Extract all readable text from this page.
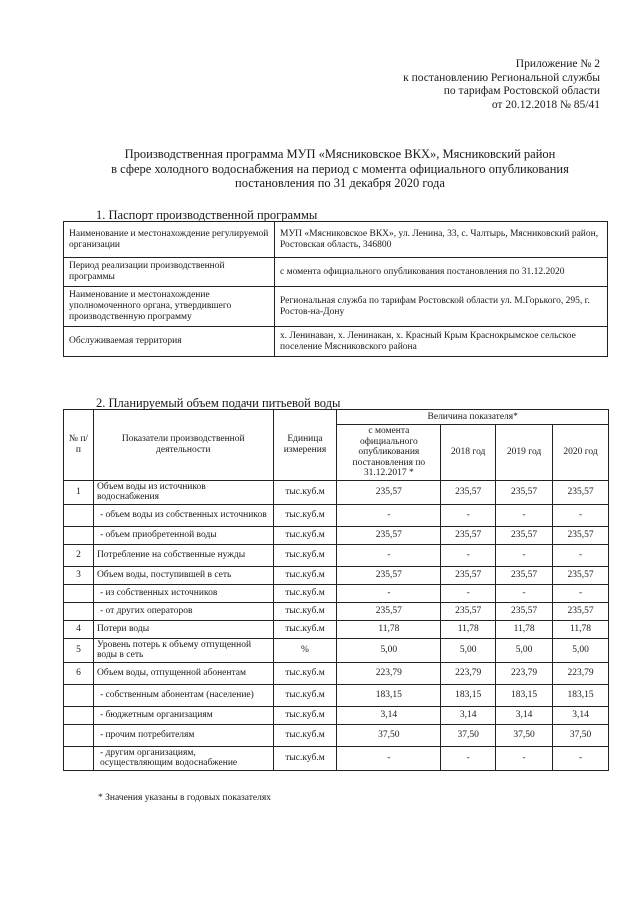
Приложение № 2
к постановлению Региональной службы
по тарифам Ростовской области
от 20.12.2018 № 85/41
Производственная программа МУП «Мясниковское ВКХ», Мясниковский район
в сфере холодного водоснабжения на период с момента официального опубликования
постановления по 31 декабря 2020 года
1. Паспорт производственной программы
Наименование и местонахождение регулируемой организации	МУП «Мясниковское ВКХ», ул. Ленина, 33, с. Чалтырь, Мясниковский район, Ростовская область, 346800
Период реализации производственной программы	с момента официального опубликования постановления по 31.12.2020
Наименование и местонахождение уполномоченного органа, утвердившего производственную программу	Региональная служба по тарифам Ростовской области ул. М.Горького, 295, г. Ростов-на-Дону
Обслуживаемая территория	х. Ленинаван, х. Ленинакан, х. Красный Крым Краснокрымское сельское поселение Мясниковского района
2. Планируемый объем подачи питьевой воды
№ п/п	Показатели производственной деятельности	Единица измерения	Величина показателя*			
			с момента официального опубликования постановления по 31.12.2017 *	2018 год	2019 год	2020 год
1	Объем воды из источников водоснабжения	тыс.куб.м	235,57	235,57	235,57	235,57
	- объем воды из собственных источников	тыс.куб.м	-	-	-	-
	- объем приобретенной воды	тыс.куб.м	235,57	235,57	235,57	235,57
2	Потребление на собственные нужды	тыс.куб.м	-	-	-	-
3	Объем воды, поступившей в сеть	тыс.куб.м	235,57	235,57	235,57	235,57
	- из собственных источников	тыс.куб.м	-	-	-	-
	- от других операторов	тыс.куб.м	235,57	235,57	235,57	235,57
4	Потери воды	тыс.куб.м	11,78	11,78	11,78	11,78
5	Уровень потерь к объему отпущенной воды в сеть	%	5,00	5,00	5,00	5,00
6	Объем воды, отпущенной абонентам	тыс.куб.м	223,79	223,79	223,79	223,79
	- собственным абонентам (население)	тыс.куб.м	183,15	183,15	183,15	183,15
	- бюджетным организациям	тыс.куб.м	3,14	3,14	3,14	3,14
	- прочим потребителям	тыс.куб.м	37,50	37,50	37,50	37,50
	- другим организациям, осуществляющим водоснабжение	тыс.куб.м	-	-	-	-
* Значения указаны в годовых показателях
